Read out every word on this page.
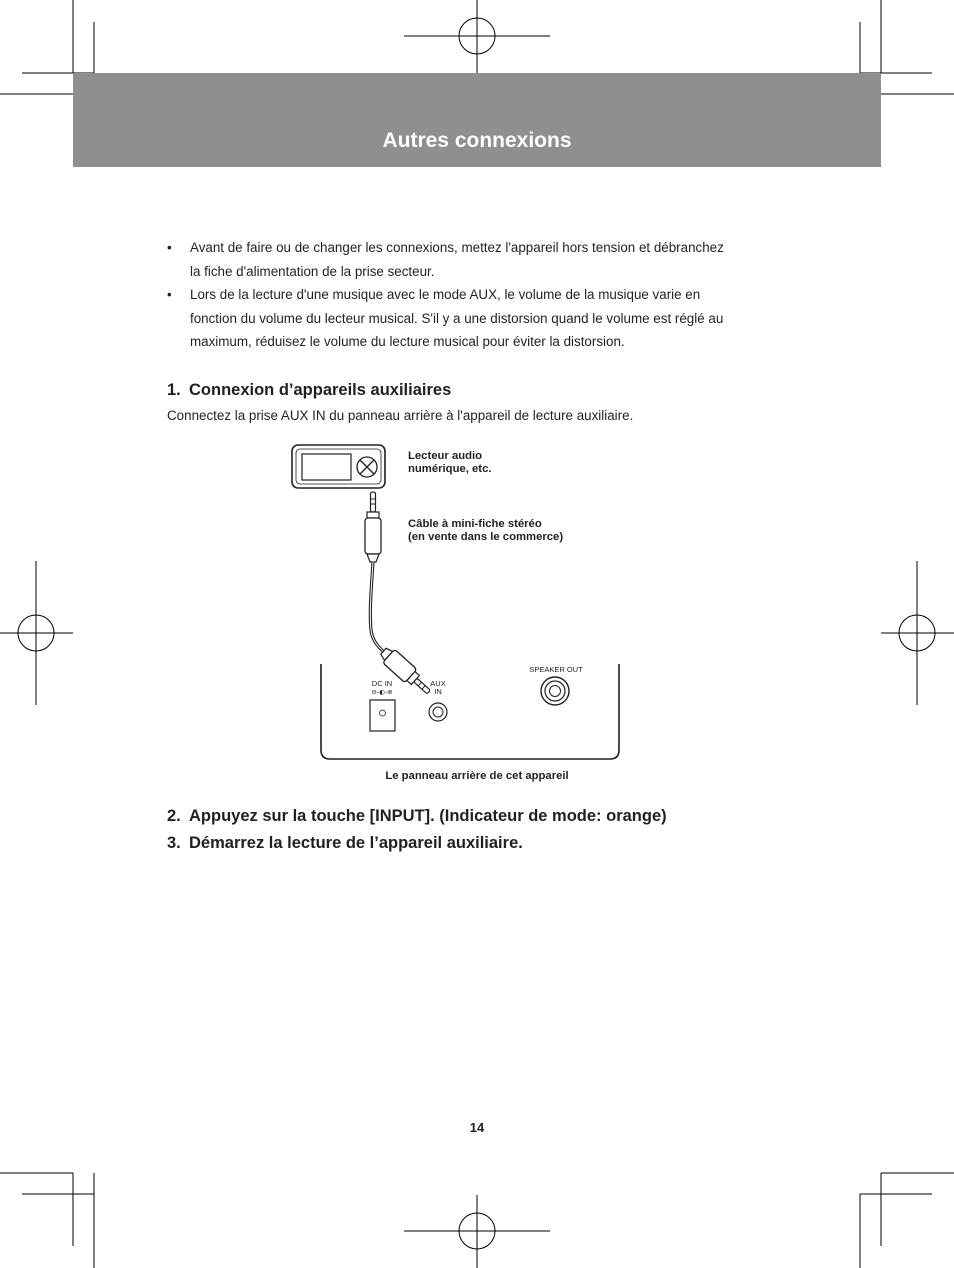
Autres connexions
• Avant de faire ou de changer les connexions, mettez l'appareil hors tension et débranchez
la fiche d'alimentation de la prise secteur.
• Lors de la lecture d'une musique avec le mode AUX, le volume de la musique varie en
fonction du volume du lecteur musical. S'il y a une distorsion quand le volume est réglé au
maximum, réduisez le volume du lecture musical pour éviter la distorsion.
1. Connexion d’appareils auxiliaires

Connectez la prise AUX IN du panneau arrière à l'appareil de lecture auxiliaire.

DC IN
⊖-◐-⊕
AUX
IN
SPEAKER OUT

Lecteur audio
numérique, etc.

Câble à mini-fiche stéréo
(en vente dans le commerce)

Le panneau arrière de cet appareil

2. Appuyez sur la touche [INPUT]. (Indicateur de mode: orange)
3. Démarrez la lecture de l’appareil auxiliaire.

14
